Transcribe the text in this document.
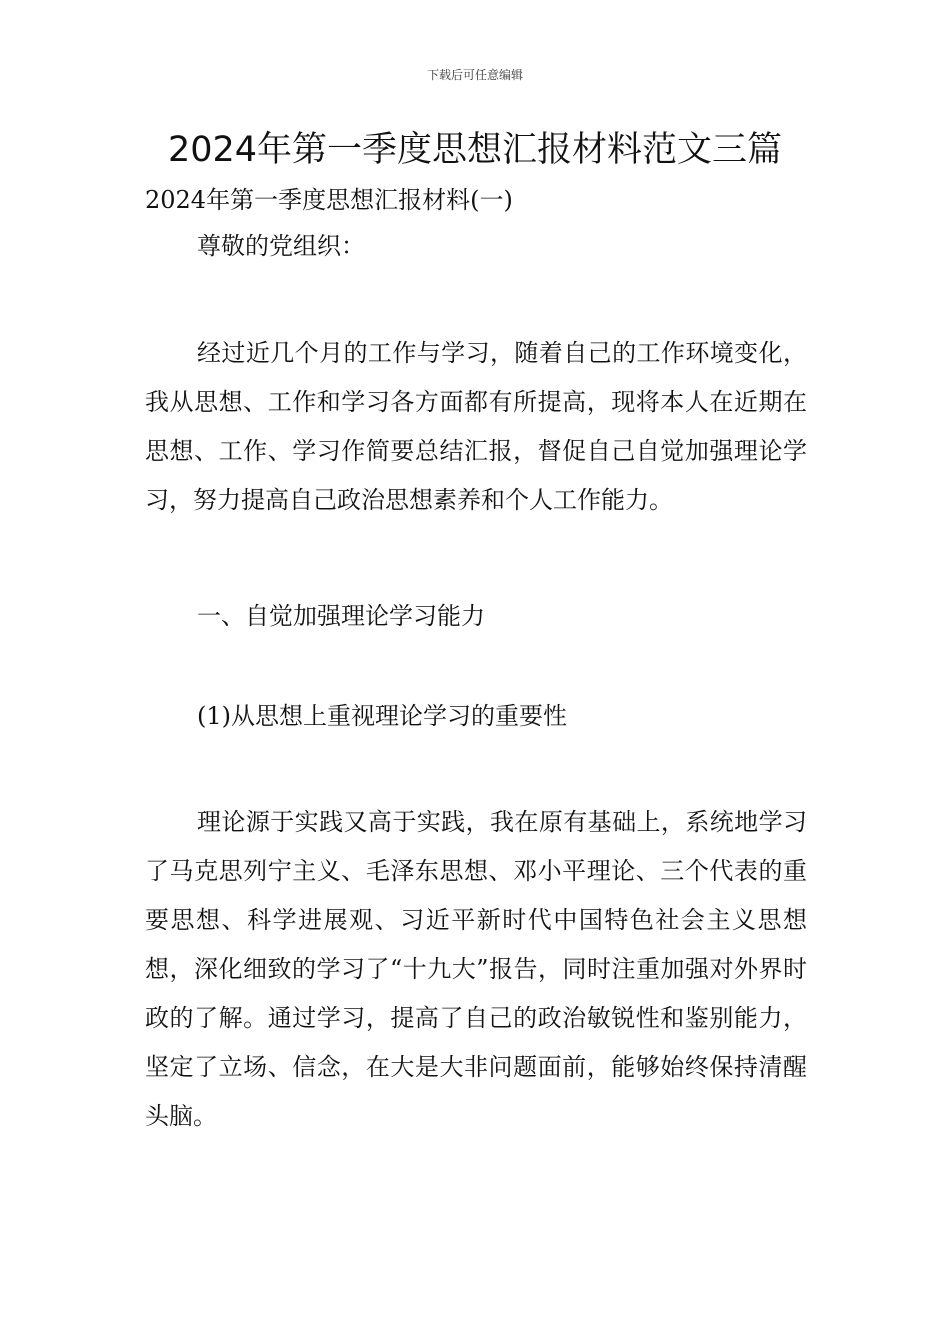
下载后可任意编辑
2024年第一季度思想汇报材料范文三篇

2024年第一季度思想汇报材料(一)

尊敬的党组织：

经过近几个月的工作与学习，随着自己的工作环境变化，我从思想、工作和学习各方面都有所提高，现将本人在近期在思想、工作、学习作简要总结汇报，督促自己自觉加强理论学习，努力提高自己政治思想素养和个人工作能力。

一、自觉加强理论学习能力

(1)从思想上重视理论学习的重要性

理论源于实践又高于实践，我在原有基础上，系统地学习了马克思列宁主义、毛泽东思想、邓小平理论、三个代表的重要思想、科学进展观、习近平新时代中国特色社会主义思想想，深化细致的学习了“十九大”报告，同时注重加强对外界时政的了解。通过学习，提高了自己的政治敏锐性和鉴别能力，坚定了立场、信念，在大是大非问题面前，能够始终保持清醒头脑。
